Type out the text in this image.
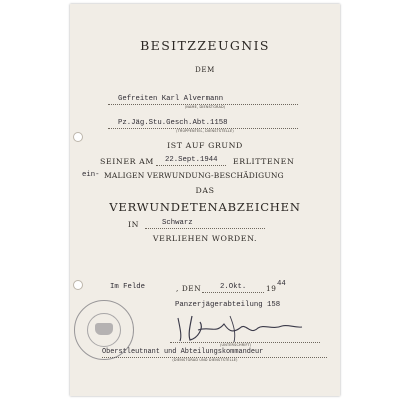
BESITZZEUGNIS
DEM
Gefreiten Karl Alvermann
(NAME, DIENSTGRAD)
Pz.Jäg.Stu.Gesch.Abt.1158
(TRUPPENTEIL, DIENSTSTELLE)
IST AUF GRUND
SEINER AM 22.Sept.1944 ERLITTENEN
ein- MALIGEN VERWUNDUNG-BESCHÄDIGUNG
DAS
VERWUNDETENABZEICHEN
IN	Schwarz
VERLIEHEN WORDEN.
Im Felde	, DEN	2.Okt.	19 44
Panzerjägerabteilung 158
(UNTERSCHRIFT)
Oberstleutnant und Abteilungskommandeur
(DIENSTGRAD UND DIENSTSTELLE)
